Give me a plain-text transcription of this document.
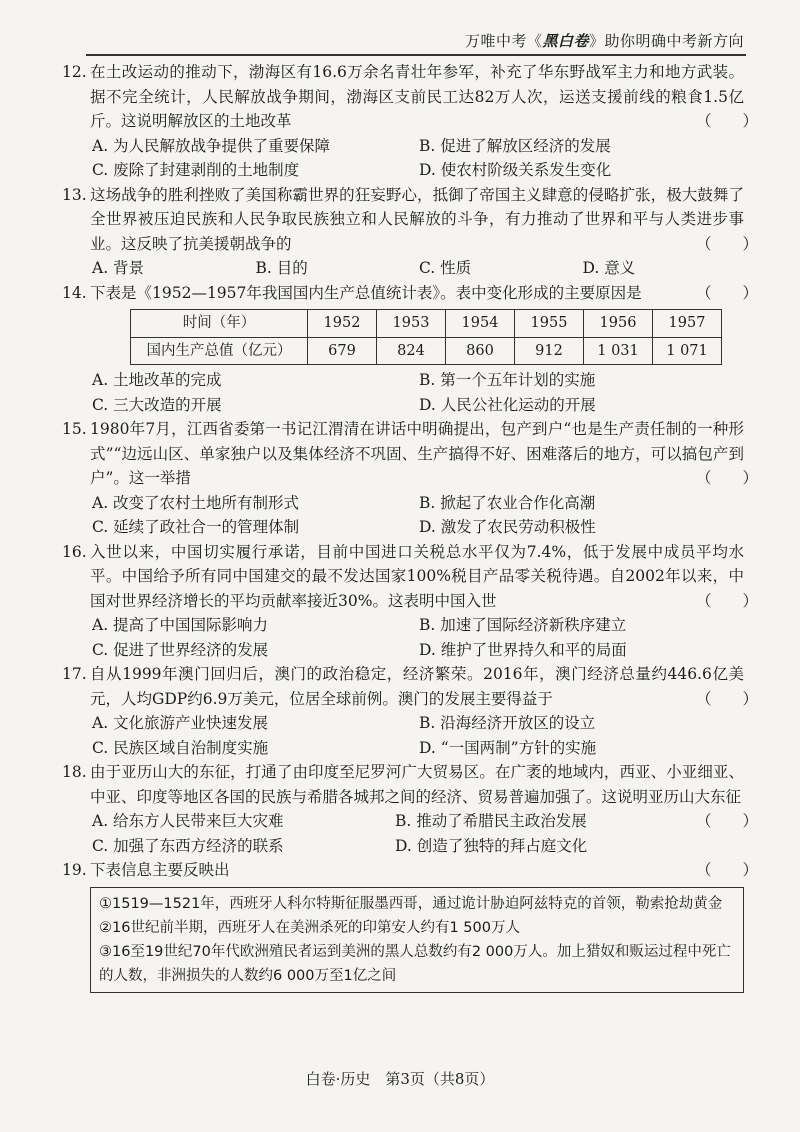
万唯中考《黑白卷》助你明确中考新方向
12. 在土改运动的推动下，渤海区有16.6万余名青壮年参军，补充了华东野战军主力和地方武装。据不完全统计，人民解放战争期间，渤海区支前民工达82万人次，运送支援前线的粮食1.5亿斤。这说明解放区的土地改革	（　　）
A. 为人民解放战争提供了重要保障	B. 促进了解放区经济的发展
C. 废除了封建剥削的土地制度	D. 使农村阶级关系发生变化
13. 这场战争的胜利挫败了美国称霸世界的狂妄野心，抵御了帝国主义肆意的侵略扩张，极大鼓舞了全世界被压迫民族和人民争取民族独立和人民解放的斗争，有力推动了世界和平与人类进步事业。这反映了抗美援朝战争的	（　　）
A. 背景	B. 目的	C. 性质	D. 意义
14. 下表是《1952—1957年我国国内生产总值统计表》。表中变化形成的主要原因是	（　　）
时间（年）	1952	1953	1954	1955	1956	1957
国内生产总值（亿元）	679	824	860	912	1 031	1 071
A. 土地改革的完成	B. 第一个五年计划的实施
C. 三大改造的开展	D. 人民公社化运动的开展
15. 1980年7月，江西省委第一书记江渭清在讲话中明确提出，包产到户“也是生产责任制的一种形式”“边远山区、单家独户以及集体经济不巩固、生产搞得不好、困难落后的地方，可以搞包产到户”。这一举措	（　　）
A. 改变了农村土地所有制形式	B. 掀起了农业合作化高潮
C. 延续了政社合一的管理体制	D. 激发了农民劳动积极性
16. 入世以来，中国切实履行承诺，目前中国进口关税总水平仅为7.4%，低于发展中成员平均水平。中国给予所有同中国建交的最不发达国家100%税目产品零关税待遇。自2002年以来，中国对世界经济增长的平均贡献率接近30%。这表明中国入世	（　　）
A. 提高了中国国际影响力	B. 加速了国际经济新秩序建立
C. 促进了世界经济的发展	D. 维护了世界持久和平的局面
17. 自从1999年澳门回归后，澳门的政治稳定，经济繁荣。2016年，澳门经济总量约446.6亿美元，人均GDP约6.9万美元，位居全球前例。澳门的发展主要得益于	（　　）
A. 文化旅游产业快速发展	B. 沿海经济开放区的设立
C. 民族区域自治制度实施	D. “一国两制”方针的实施
18. 由于亚历山大的东征，打通了由印度至尼罗河广大贸易区。在广袤的地域内，西亚、小亚细亚、中亚、印度等地区各国的民族与希腊各城邦之间的经济、贸易普遍加强了。这说明亚历山大东征
（　　）
A. 给东方人民带来巨大灾难	B. 推动了希腊民主政治发展
C. 加强了东西方经济的联系	D. 创造了独特的拜占庭文化
19. 下表信息主要反映出	（　　）
①1519—1521年，西班牙人科尔特斯征服墨西哥，通过诡计胁迫阿兹特克的首领，勒索抢劫黄金
②16世纪前半期，西班牙人在美洲杀死的印第安人约有1 500万人
③16至19世纪70年代欧洲殖民者运到美洲的黑人总数约有2 000万人。加上猎奴和贩运过程中死亡的人数，非洲损失的人数约6 000万至1亿之间
白卷·历史　第3页（共8页）
